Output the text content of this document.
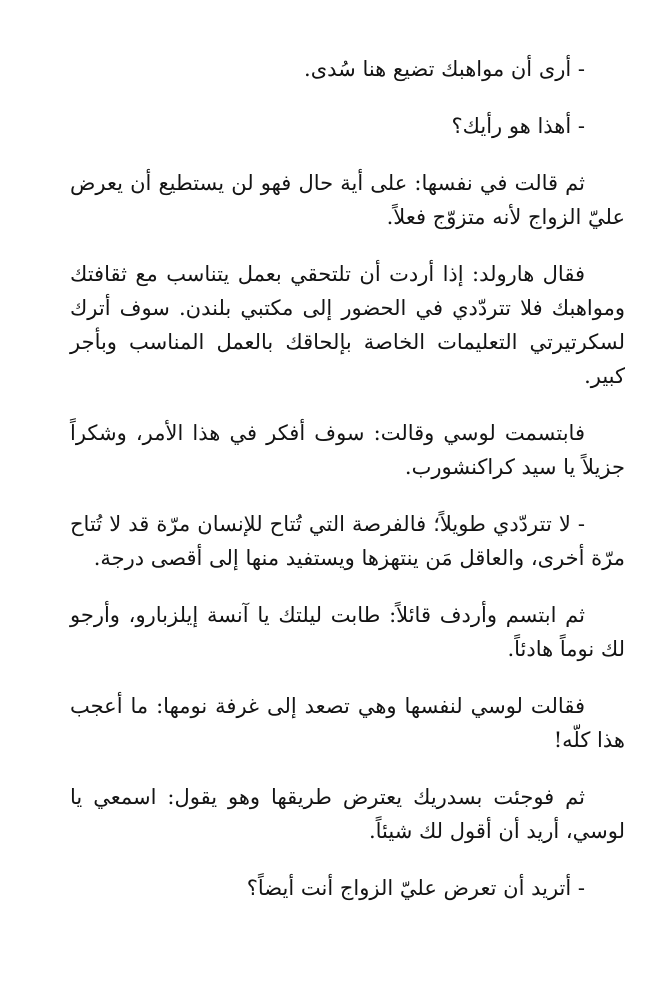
- أرى أن مواهبك تضيع هنا سُدى.

- أهذا هو رأيك؟

ثم قالت في نفسها: على أية حال فهو لن يستطيع أن يعرض عليّ الزواج لأنه متزوّج فعلاً.

فقال هارولد: إذا أردت أن تلتحقي بعمل يتناسب مع ثقافتك ومواهبك فلا تتردّدي في الحضور إلى مكتبي بلندن. سوف أترك لسكرتيرتي التعليمات الخاصة بإلحاقك بالعمل المناسب وبأجر كبير.

فابتسمت لوسي وقالت: سوف أفكر في هذا الأمر، وشكراً جزيلاً يا سيد كراكنشورب.

- لا تتردّدي طويلاً؛ فالفرصة التي تُتاح للإنسان مرّة قد لا تُتاح مرّة أخرى، والعاقل مَن ينتهزها ويستفيد منها إلى أقصى درجة.

ثم ابتسم وأردف قائلاً: طابت ليلتك يا آنسة إيلزبارو، وأرجو لك نوماً هادئاً.

فقالت لوسي لنفسها وهي تصعد إلى غرفة نومها: ما أعجب هذا كلّه!

ثم فوجئت بسدريك يعترض طريقها وهو يقول: اسمعي يا لوسي، أريد أن أقول لك شيئاً.

- أتريد أن تعرض عليّ الزواج أنت أيضاً؟
